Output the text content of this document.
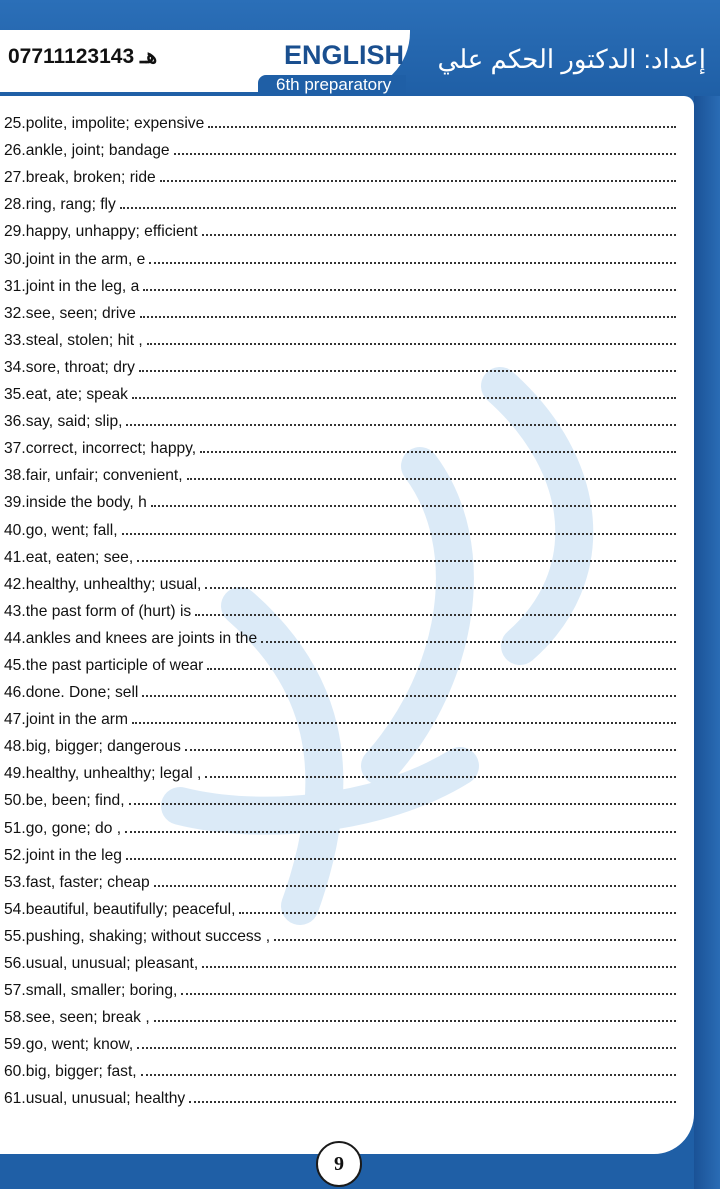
07711123143 هـ	ENGLISH
6th preparatory
إعداد: الدكتور الحكم علي
25. polite, impolite; expensive
26. ankle, joint; bandage
27. break, broken; ride
28. ring, rang; fly
29. happy, unhappy; efficient
30. joint in the arm, e
31. joint in the leg, a
32. see, seen; drive
33. steal, stolen; hit ,
34. sore, throat; dry
35. eat, ate; speak
36. say, said; slip,
37. correct, incorrect; happy,
38. fair, unfair; convenient,
39. inside the body, h
40. go, went; fall,
41. eat, eaten; see,
42. healthy, unhealthy; usual,
43. the past form of (hurt) is
44. ankles and knees are joints in the
45. the past participle of wear
46. done. Done; sell
47. joint in the arm
48. big, bigger; dangerous
49. healthy, unhealthy; legal ,
50. be, been; find,
51. go, gone; do ,
52. joint in the leg
53. fast, faster; cheap
54. beautiful, beautifully; peaceful,
55. pushing, shaking; without success ,
56. usual, unusual; pleasant,
57. small, smaller; boring,
58. see, seen; break ,
59. go, went; know,
60. big, bigger; fast,
61. usual, unusual; healthy
9
